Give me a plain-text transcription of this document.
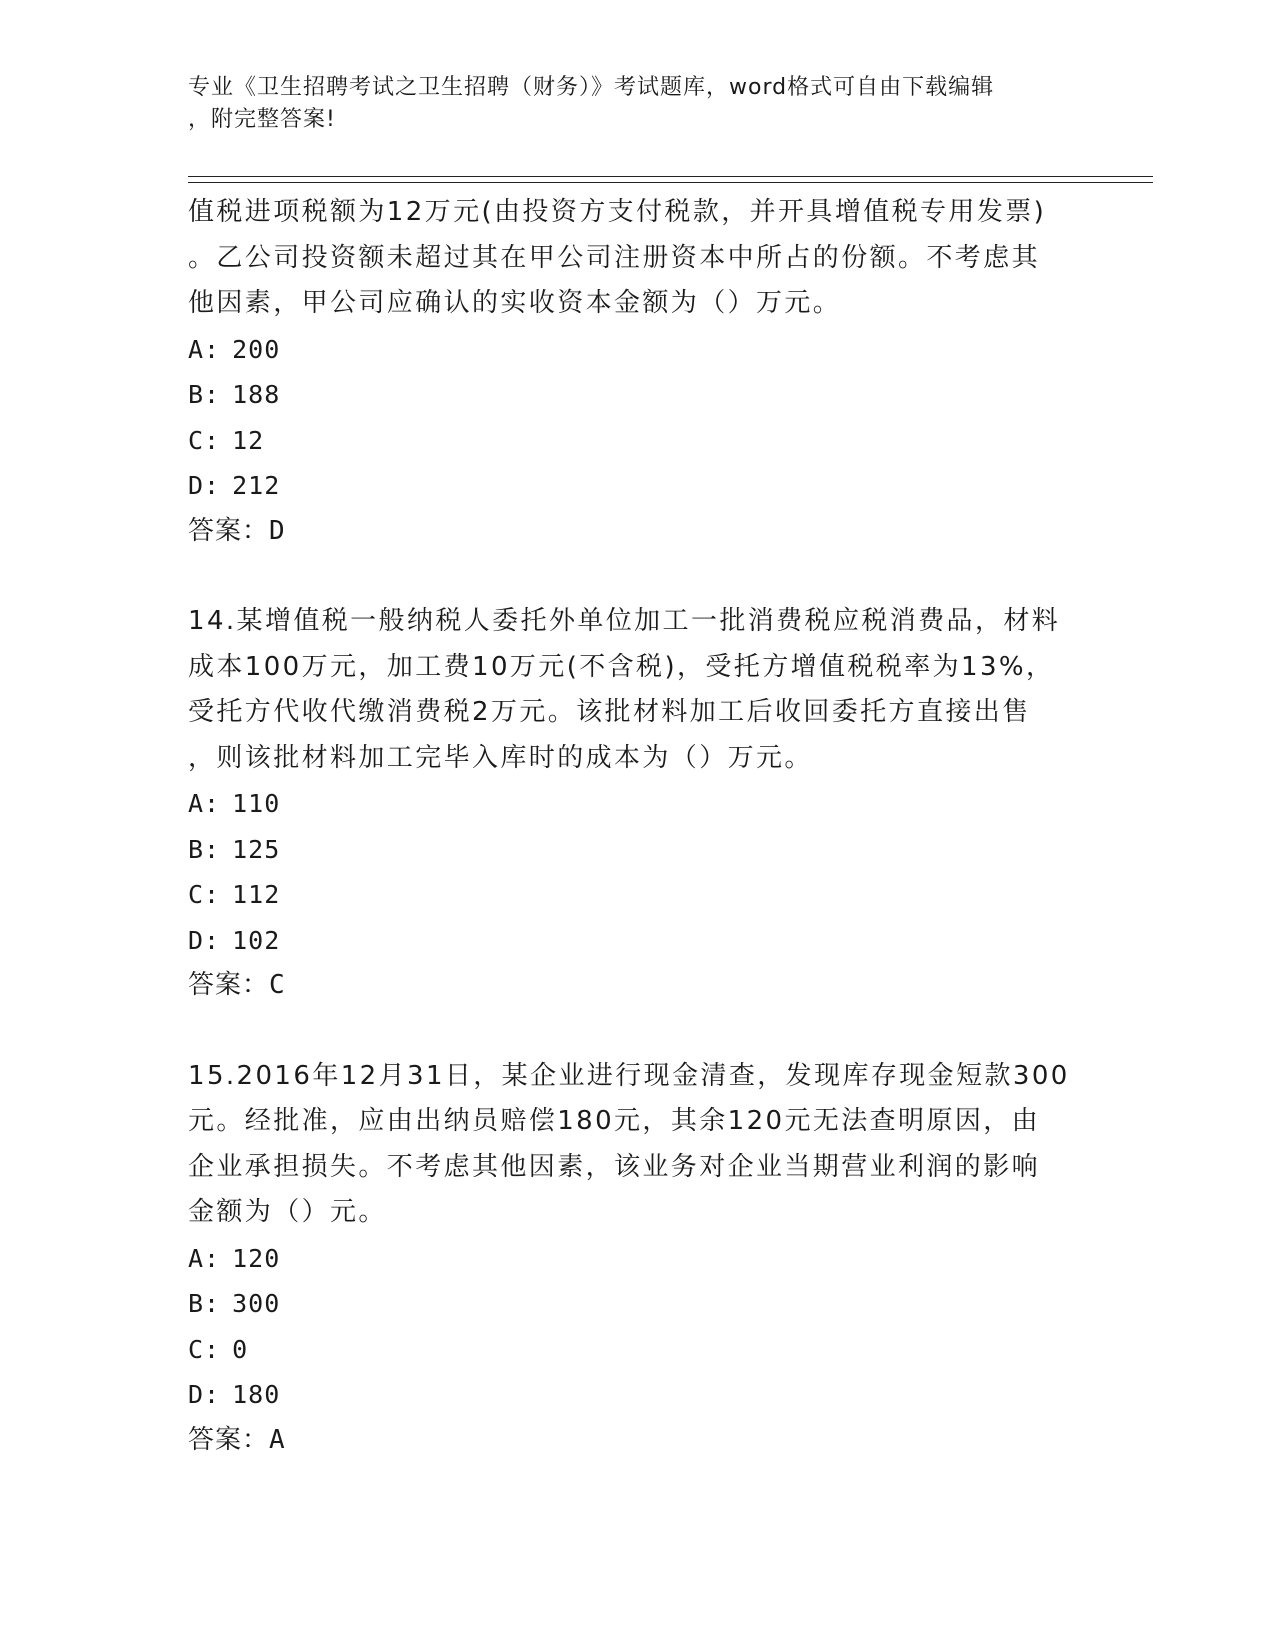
专业《卫生招聘考试之卫生招聘（财务）》考试题库，word格式可自由下载编辑
，附完整答案!
值税进项税额为12万元(由投资方支付税款，并开具增值税专用发票)
。乙公司投资额未超过其在甲公司注册资本中所占的份额。不考虑其
他因素，甲公司应确认的实收资本金额为（）万元。
A: 200
B: 188
C: 12
D: 212
答案：D
14.某增值税一般纳税人委托外单位加工一批消费税应税消费品，材料
成本100万元，加工费10万元(不含税)，受托方增值税税率为13%，
受托方代收代缴消费税2万元。该批材料加工后收回委托方直接出售
，则该批材料加工完毕入库时的成本为（）万元。
A: 110
B: 125
C: 112
D: 102
答案：C
15.2016年12月31日，某企业进行现金清查，发现库存现金短款300
元。经批准，应由出纳员赔偿180元，其余120元无法查明原因，由
企业承担损失。不考虑其他因素，该业务对企业当期营业利润的影响
金额为（）元。
A: 120
B: 300
C: 0
D: 180
答案：A
